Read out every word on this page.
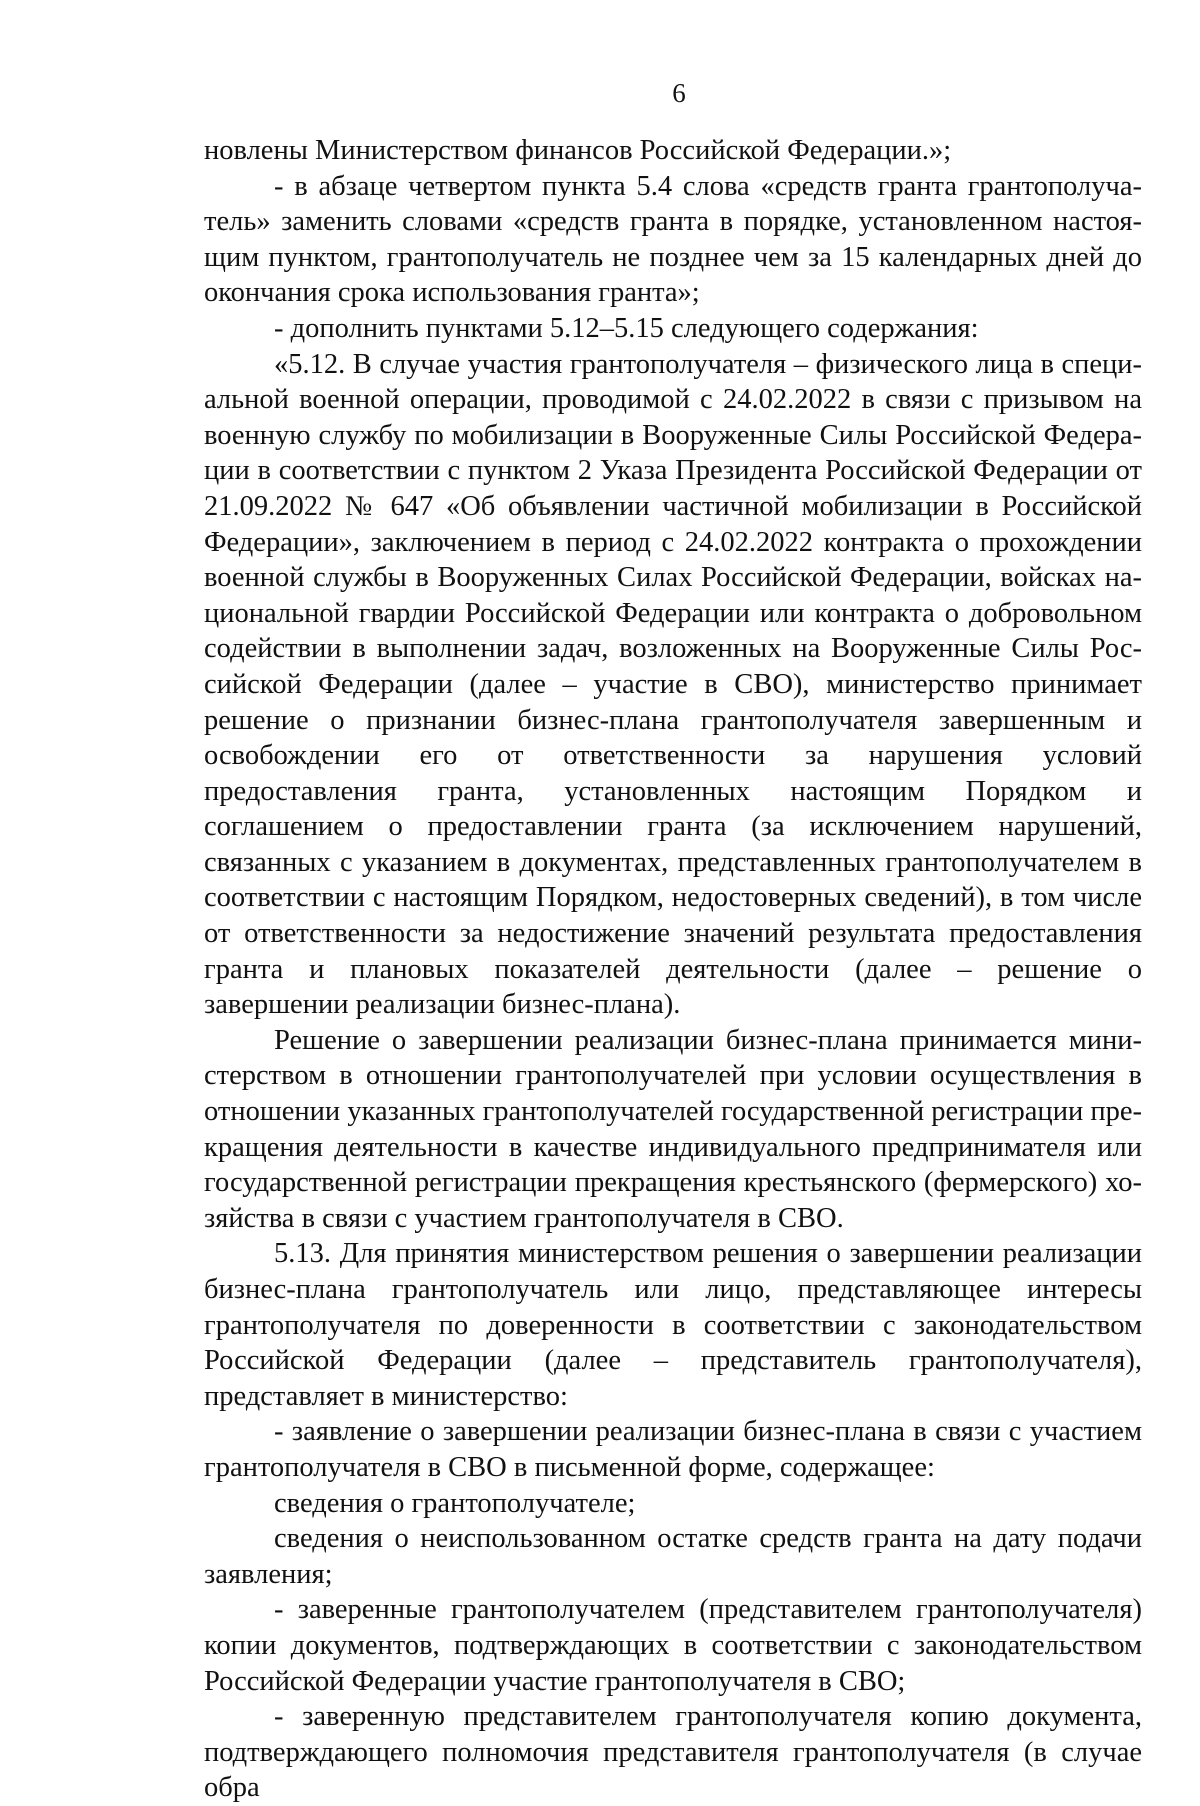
6

новлены Министерством финансов Российской Федерации.»;

- в абзаце четвертом пункта 5.4 слова «средств гранта грантополучатель» заменить словами «средств гранта в порядке, установленном настоящим пунктом, грантополучатель не позднее чем за 15 календарных дней до окончания срока использования гранта»;

- дополнить пунктами 5.12–5.15 следующего содержания:

«5.12. В случае участия грантополучателя – физического лица в специальной военной операции, проводимой с 24.02.2022 в связи с призывом на военную службу по мобилизации в Вооруженные Силы Российской Федерации в соответствии с пунктом 2 Указа Президента Российской Федерации от 21.09.2022 № 647 «Об объявлении частичной мобилизации в Российской Федерации», заключением в период с 24.02.2022 контракта о прохождении военной службы в Вооруженных Силах Российской Федерации, войсках национальной гвардии Российской Федерации или контракта о добровольном содействии в выполнении задач, возложенных на Вооруженные Силы Российской Федерации (далее – участие в СВО), министерство принимает решение о признании бизнес-плана грантополучателя завершенным и освобождении его от ответственности за нарушения условий предоставления гранта, установленных настоящим Порядком и соглашением о предоставлении гранта (за исключением нарушений, связанных с указанием в документах, представленных грантополучателем в соответствии с настоящим Порядком, недостоверных сведений), в том числе от ответственности за недостижение значений результата предоставления гранта и плановых показателей деятельности (далее – решение о завершении реализации бизнес-плана).

Решение о завершении реализации бизнес-плана принимается министерством в отношении грантополучателей при условии осуществления в отношении указанных грантополучателей государственной регистрации прекращения деятельности в качестве индивидуального предпринимателя или государственной регистрации прекращения крестьянского (фермерского) хозяйства в связи с участием грантополучателя в СВО.

5.13. Для принятия министерством решения о завершении реализации бизнес-плана грантополучатель или лицо, представляющее интересы грантополучателя по доверенности в соответствии с законодательством Российской Федерации (далее – представитель грантополучателя), представляет в министерство:

- заявление о завершении реализации бизнес-плана в связи с участием грантополучателя в СВО в письменной форме, содержащее:

сведения о грантополучателе;

сведения о неиспользованном остатке средств гранта на дату подачи заявления;

- заверенные грантополучателем (представителем грантополучателя) копии документов, подтверждающих в соответствии с законодательством Российской Федерации участие грантополучателя в СВО;

- заверенную представителем грантополучателя копию документа, подтверждающего полномочия представителя грантополучателя (в случае обра
